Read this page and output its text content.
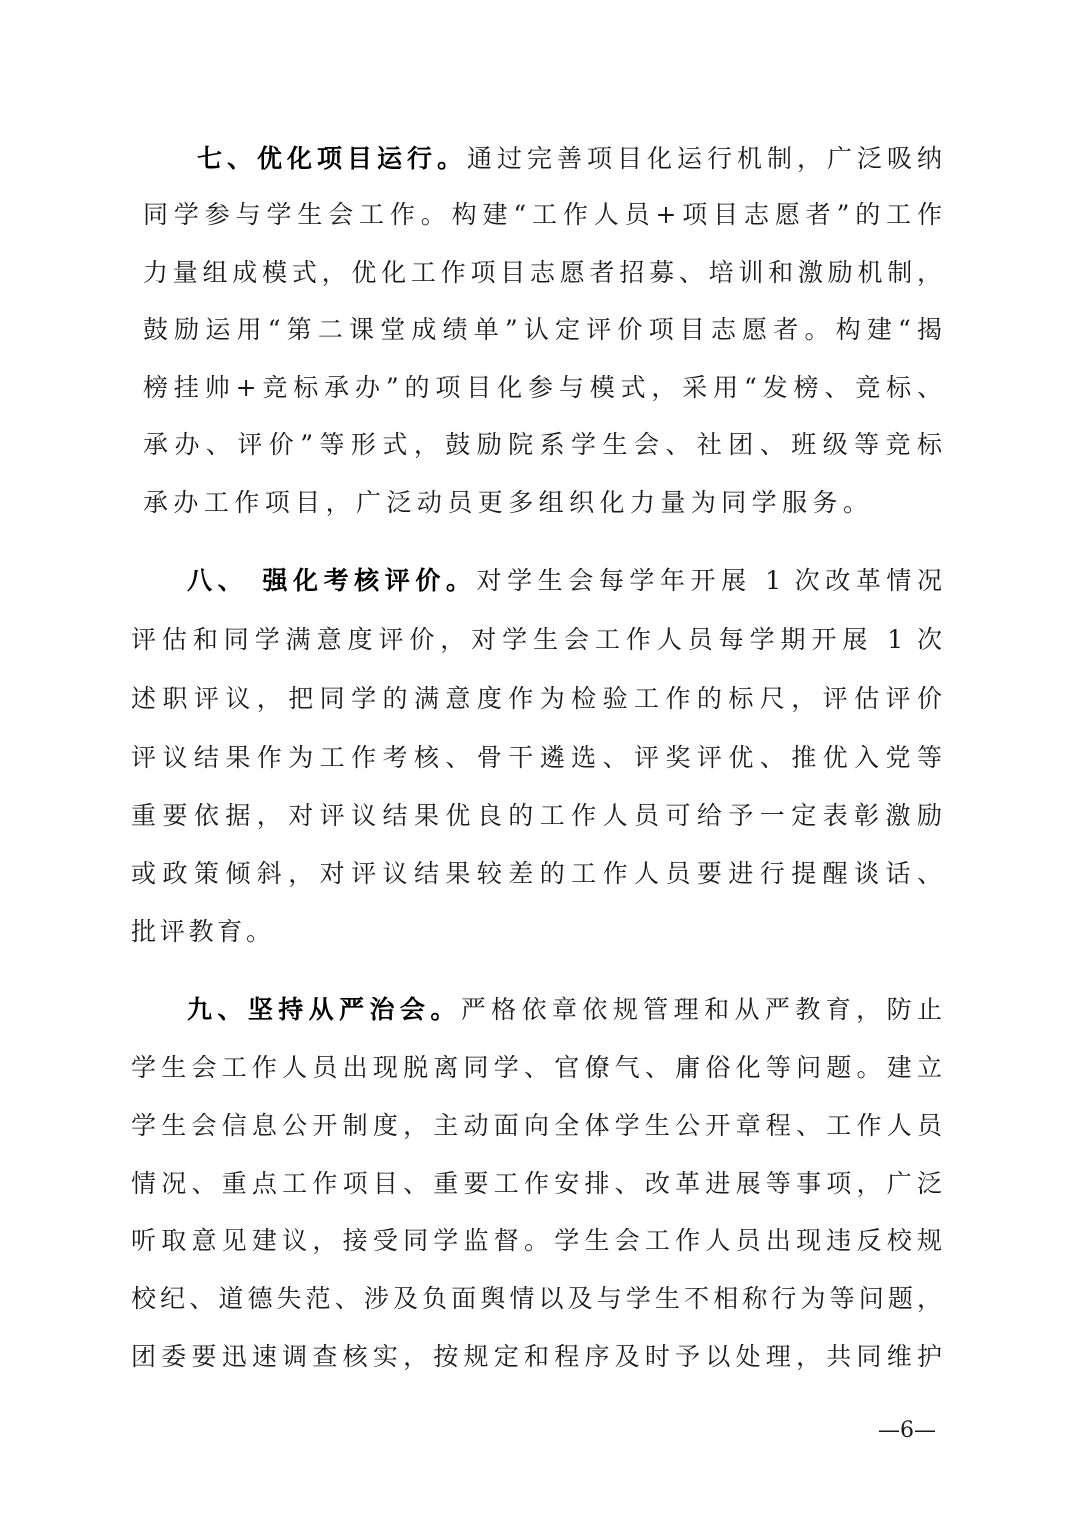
七、优化项目运行。通过完善项目化运行机制，广泛吸纳
同学参与学生会工作。构建“工作人员+项目志愿者”的工作
力量组成模式，优化工作项目志愿者招募、培训和激励机制，
鼓励运用“第二课堂成绩单”认定评价项目志愿者。构建“揭
榜挂帅+竞标承办”的项目化参与模式，采用“发榜、竞标、
承办、评价”等形式，鼓励院系学生会、社团、班级等竞标
承办工作项目，广泛动员更多组织化力量为同学服务。
八、 强化考核评价。对学生会每学年开展 1 次改革情况
评估和同学满意度评价，对学生会工作人员每学期开展 1 次
述职评议，把同学的满意度作为检验工作的标尺，评估评价
评议结果作为工作考核、骨干遴选、评奖评优、推优入党等
重要依据，对评议结果优良的工作人员可给予一定表彰激励
或政策倾斜，对评议结果较差的工作人员要进行提醒谈话、
批评教育。
九、坚持从严治会。严格依章依规管理和从严教育，防止
学生会工作人员出现脱离同学、官僚气、庸俗化等问题。建立
学生会信息公开制度，主动面向全体学生公开章程、工作人员
情况、重点工作项目、重要工作安排、改革进展等事项，广泛
听取意见建议，接受同学监督。学生会工作人员出现违反校规
校纪、道德失范、涉及负面舆情以及与学生不相称行为等问题，
团委要迅速调查核实，按规定和程序及时予以处理，共同维护
—6—
